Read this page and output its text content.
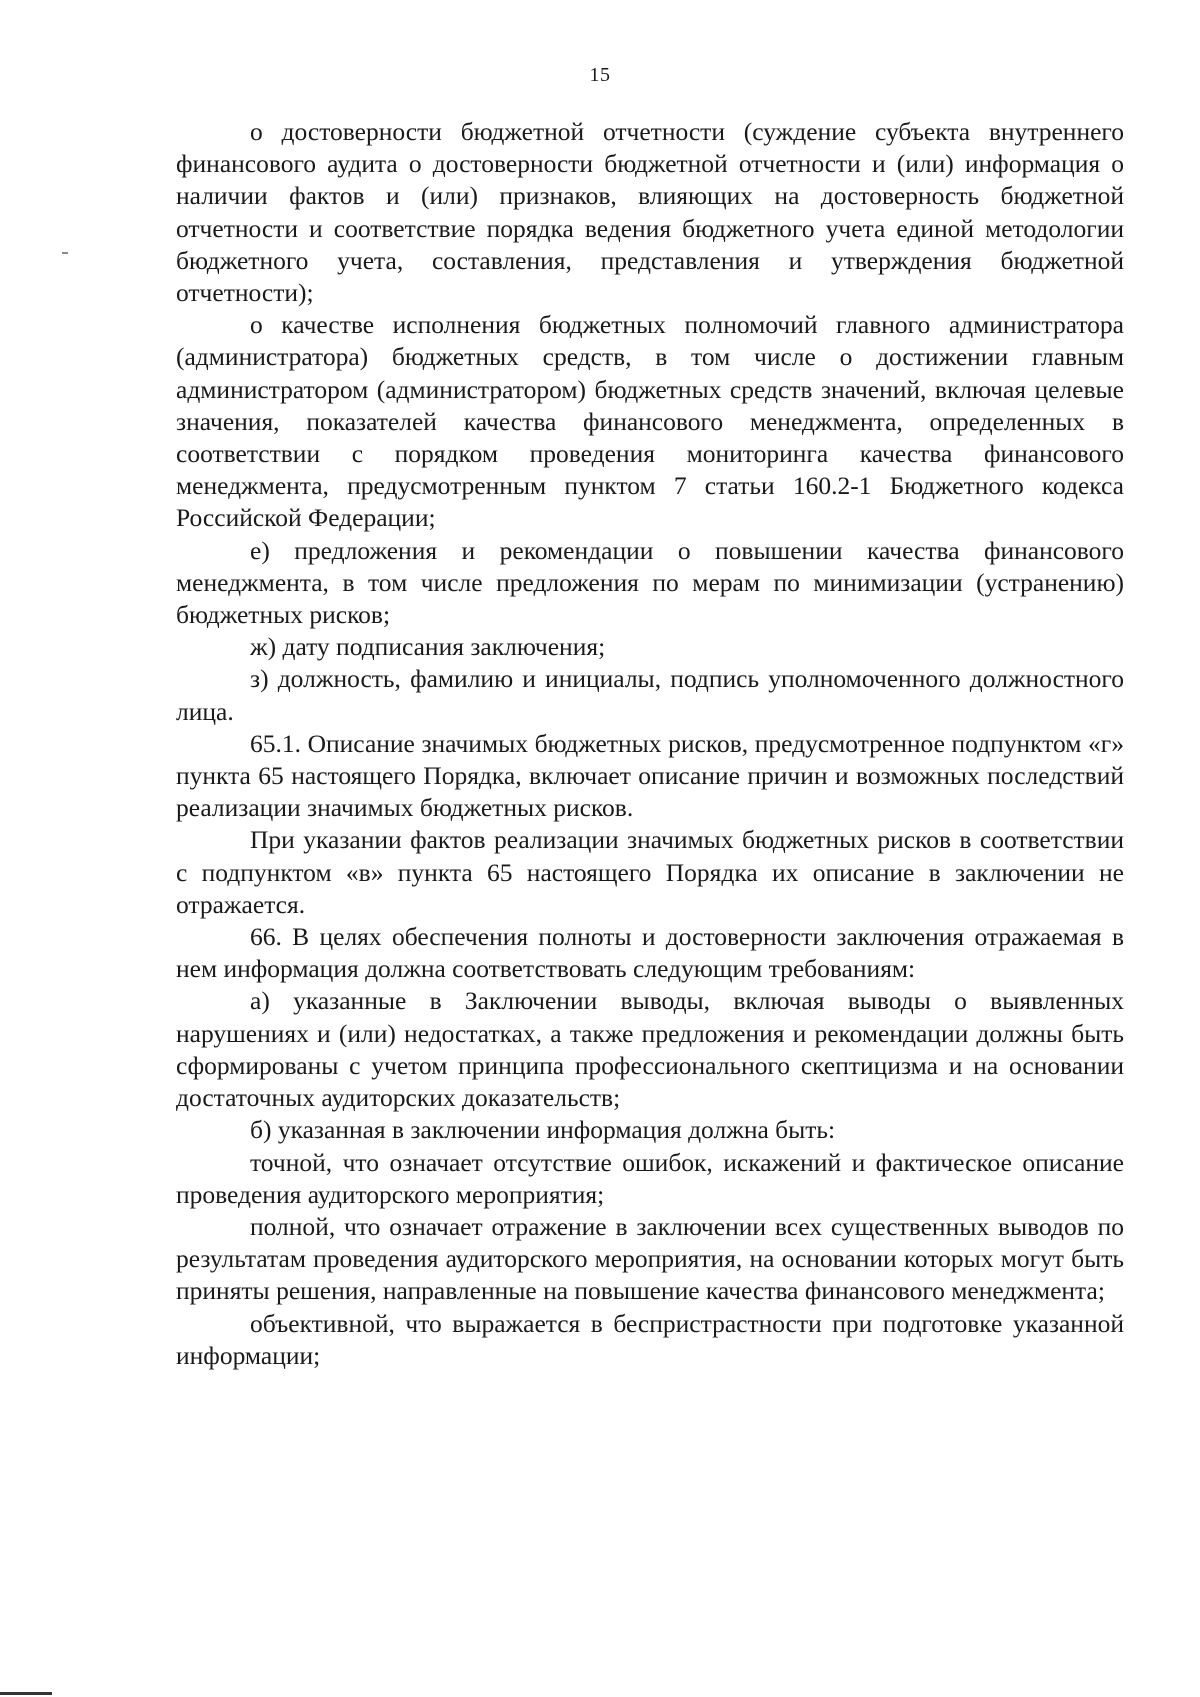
15

о достоверности бюджетной отчетности (суждение субъекта внутреннего финансового аудита о достоверности бюджетной отчетности и (или) информация о наличии фактов и (или) признаков, влияющих на достоверность бюджетной отчетности и соответствие порядка ведения бюджетного учета единой методологии бюджетного учета, составления, представления и утверждения бюджетной отчетности);

о качестве исполнения бюджетных полномочий главного администратора (администратора) бюджетных средств, в том числе о достижении главным администратором (администратором) бюджетных средств значений, включая целевые значения, показателей качества финансового менеджмента, определенных в соответствии с порядком проведения мониторинга качества финансового менеджмента, предусмотренным пунктом 7 статьи 160.2-1 Бюджетного кодекса Российской Федерации;

е) предложения и рекомендации о повышении качества финансового менеджмента, в том числе предложения по мерам по минимизации (устранению) бюджетных рисков;

ж) дату подписания заключения;

з) должность, фамилию и инициалы, подпись уполномоченного должностного лица.

65.1. Описание значимых бюджетных рисков, предусмотренное подпунктом «г» пункта 65 настоящего Порядка, включает описание причин и возможных последствий реализации значимых бюджетных рисков.

При указании фактов реализации значимых бюджетных рисков в соответствии с подпунктом «в» пункта 65 настоящего Порядка их описание в заключении не отражается.

66. В целях обеспечения полноты и достоверности заключения отражаемая в нем информация должна соответствовать следующим требованиям:

а) указанные в Заключении выводы, включая выводы о выявленных нарушениях и (или) недостатках, а также предложения и рекомендации должны быть сформированы с учетом принципа профессионального скептицизма и на основании достаточных аудиторских доказательств;

б) указанная в заключении информация должна быть:

точной, что означает отсутствие ошибок, искажений и фактическое описание проведения аудиторского мероприятия;

полной, что означает отражение в заключении всех существенных выводов по результатам проведения аудиторского мероприятия, на основании которых могут быть приняты решения, направленные на повышение качества финансового менеджмента;

объективной, что выражается в беспристрастности при подготовке указанной информации;
